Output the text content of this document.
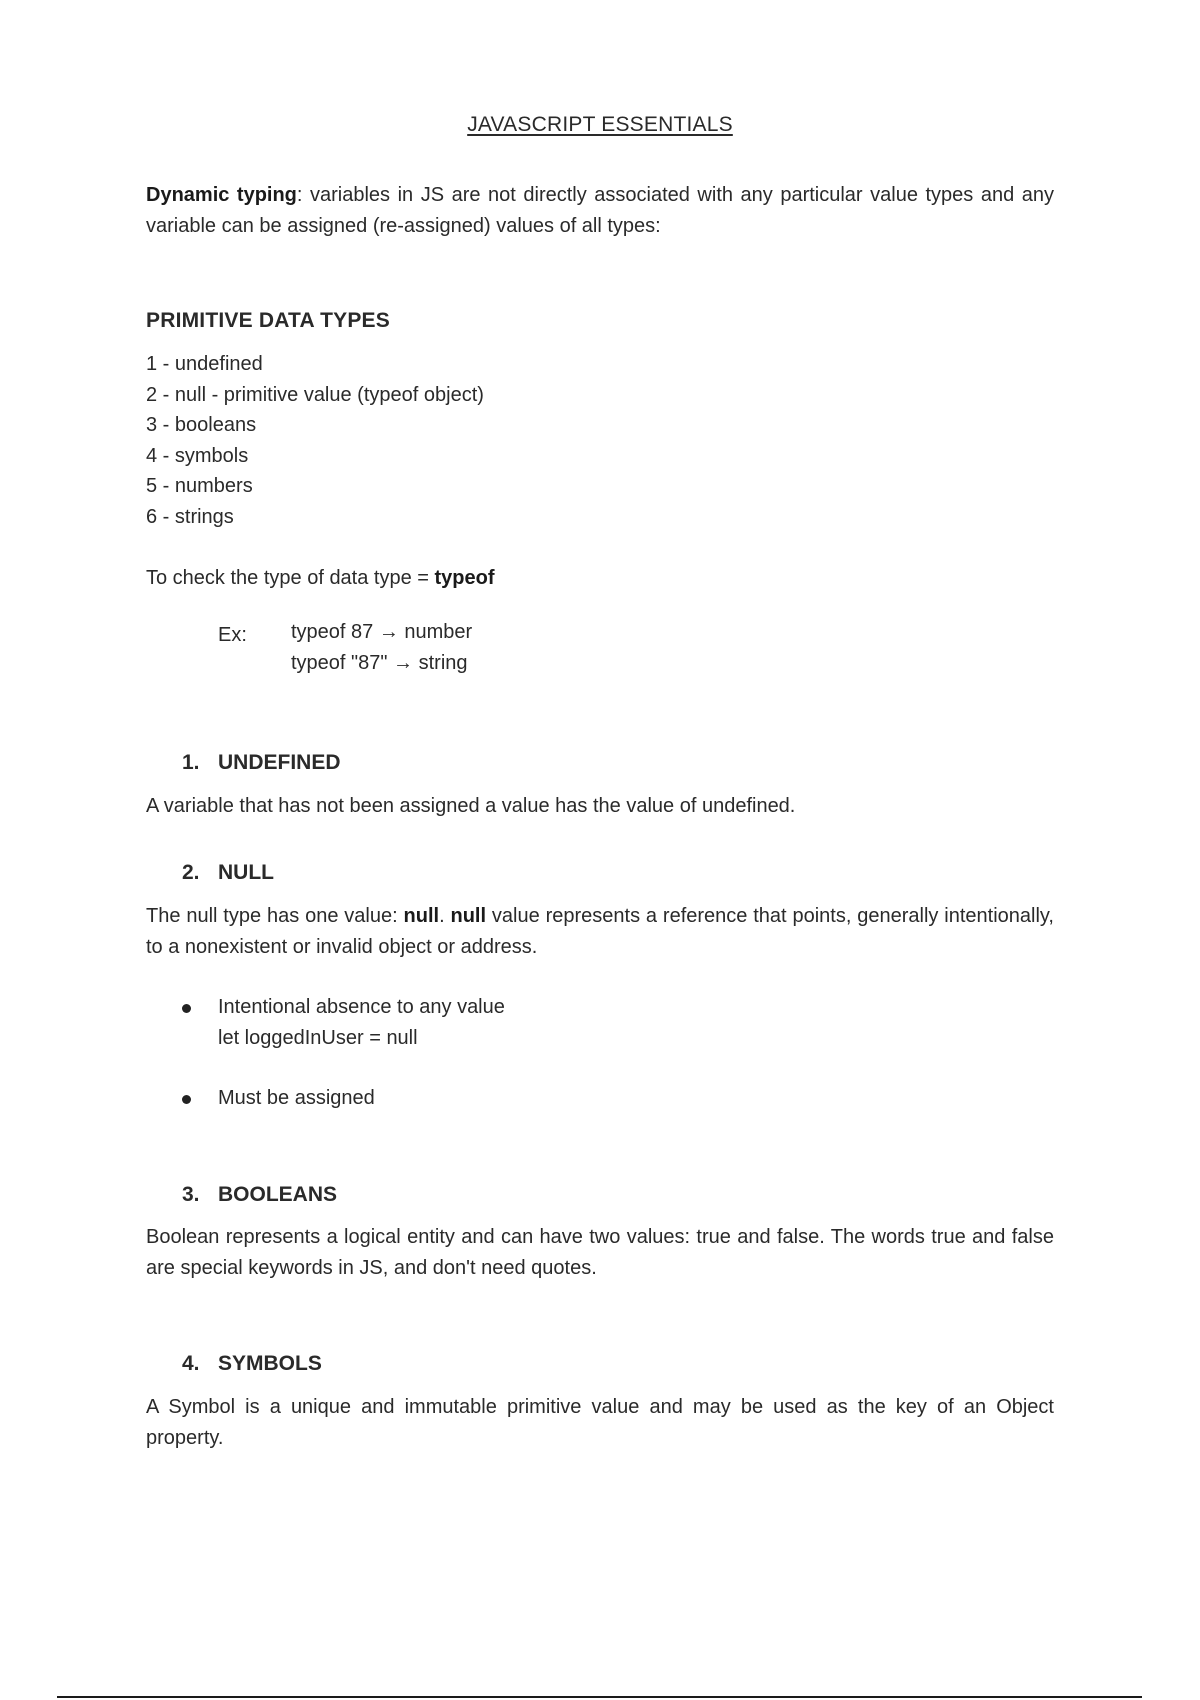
JAVASCRIPT ESSENTIALS
Dynamic typing: variables in JS are not directly associated with any particular value types and any variable can be assigned (re-assigned) values of all types:
PRIMITIVE DATA TYPES
1 - undefined
2 - null - primitive value (typeof object)
3 - booleans
4 - symbols
5 - numbers
6 - strings
To check the type of data type = typeof
Ex: typeof 87 → number
typeof "87" → string
1. UNDEFINED
A variable that has not been assigned a value has the value of undefined.
2. NULL
The null type has one value: null. null value represents a reference that points, generally intentionally, to a nonexistent or invalid object or address.
Intentional absence to any value
let loggedInUser = null
Must be assigned
3. BOOLEANS
Boolean represents a logical entity and can have two values: true and false. The words true and false are special keywords in JS, and don't need quotes.
4. SYMBOLS
A Symbol is a unique and immutable primitive value and may be used as the key of an Object property.
